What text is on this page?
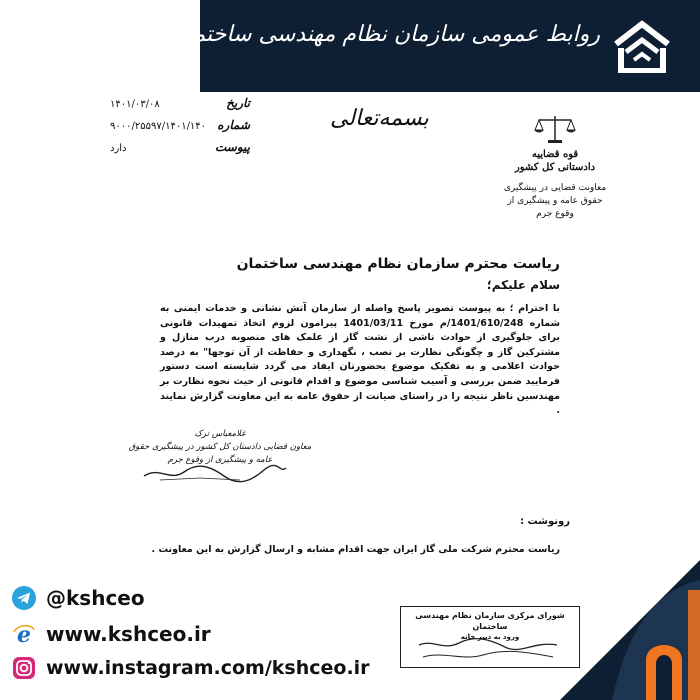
روابط عمومی سازمان نظام مهندسی ساختمان استان کرمانشاه
قوه قضاییه
دادستانی کل کشور
معاونت قضایی در پیشگیری
حقوق عامه و پیشگیری از
وقوع جرم
بسمه‌تعالی
تاریخ
۱۴۰۱/۰۳/۰۸
شماره
۹۰۰۰/۲۵۵۹۷/۱۴۰۱/۱۴۰
پیوست
دارد
ریاست محترم سازمان نظام مهندسی ساختمان
سلام علیکم؛
با احترام ؛ به پیوست تصویر پاسخ واصله از سازمان آتش نشانی و خدمات ایمنی به شماره 1401/610/248/م مورخ 1401/03/11 پیرامون لزوم اتخاذ تمهیدات قانونی برای جلوگیری از حوادث ناشی از نشت گاز از علمک های منصوبه درب منازل و مشترکین گاز و چگونگی نظارت بر نصب ، نگهداری و حفاظت از آن توجها" به درصد حوادث اعلامی و به تفکیک موضوع بحضورتان ایفاد می گردد شایسته است دستور فرمایید ضمن بررسی و آسیب شناسی موضوع و اقدام قانونی از حیث نحوه نظارت بر مهندسین ناظر نتیجه را در راستای صیانت از حقوق عامه به این معاونت گزارش نمایند .
غلامعباس ترک
معاون قضایی دادستان کل کشور در پیشگیری حقوق عامه و پیشگیری از وقوع جرم
رونوشت :
ریاست محترم شرکت ملی گاز ایران جهت اقدام مشابه و ارسال گزارش به این معاونت .
شورای مرکزی سازمان نظام مهندسی ساختمان
ورود به دبیر خانه
@kshceo
e www.kshceo.ir
www.instagram.com/kshceo.ir
